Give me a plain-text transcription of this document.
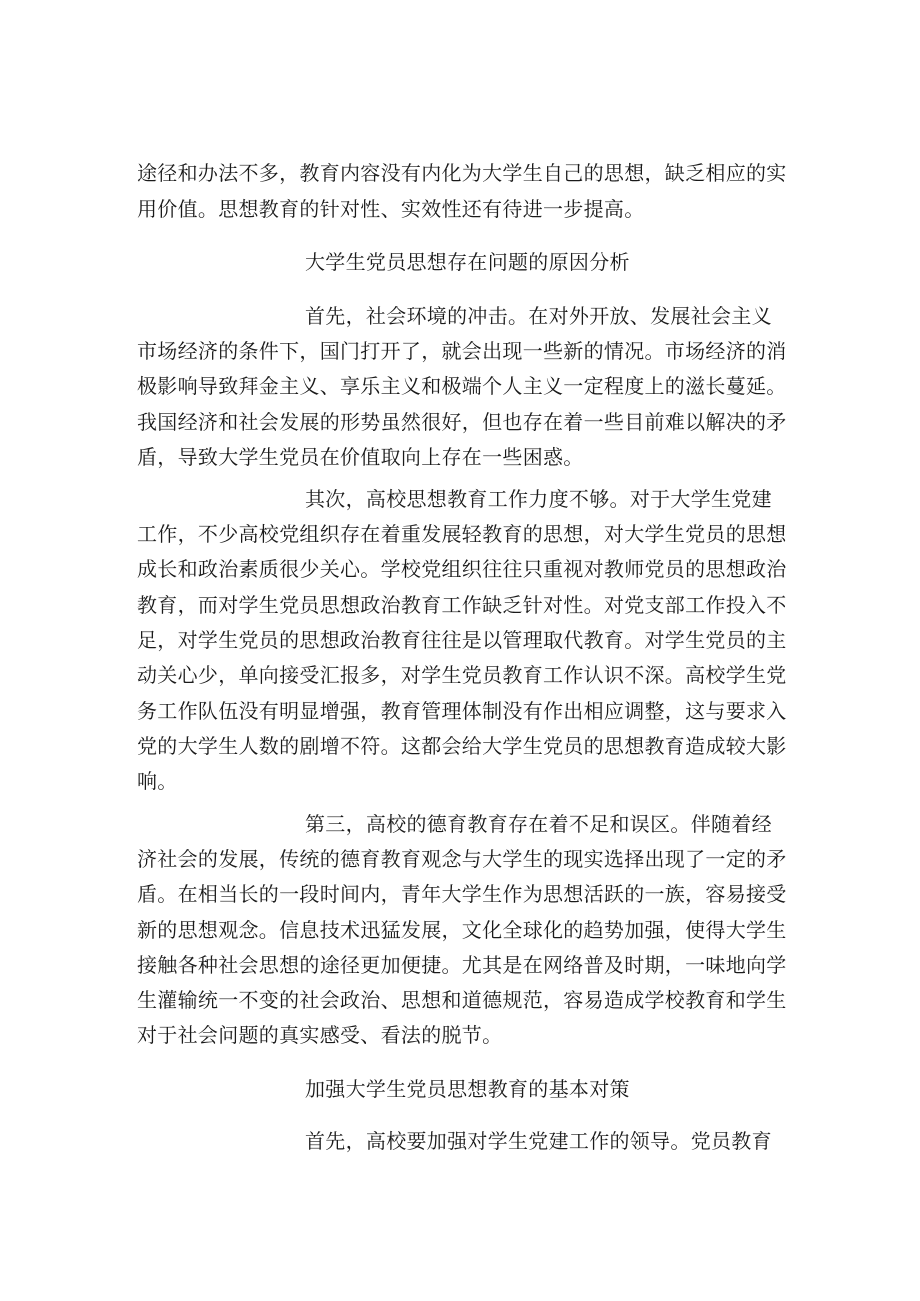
途径和办法不多，教育内容没有内化为大学生自己的思想，缺乏相应的实
用价值。思想教育的针对性、实效性还有待进一步提高。
大学生党员思想存在问题的原因分析
首先，社会环境的冲击。在对外开放、发展社会主义
市场经济的条件下，国门打开了，就会出现一些新的情况。市场经济的消
极影响导致拜金主义、享乐主义和极端个人主义一定程度上的滋长蔓延。
我国经济和社会发展的形势虽然很好，但也存在着一些目前难以解决的矛
盾，导致大学生党员在价值取向上存在一些困惑。
其次，高校思想教育工作力度不够。对于大学生党建
工作，不少高校党组织存在着重发展轻教育的思想，对大学生党员的思想
成长和政治素质很少关心。学校党组织往往只重视对教师党员的思想政治
教育，而对学生党员思想政治教育工作缺乏针对性。对党支部工作投入不
足，对学生党员的思想政治教育往往是以管理取代教育。对学生党员的主
动关心少，单向接受汇报多，对学生党员教育工作认识不深。高校学生党
务工作队伍没有明显增强，教育管理体制没有作出相应调整，这与要求入
党的大学生人数的剧增不符。这都会给大学生党员的思想教育造成较大影
响。
第三，高校的德育教育存在着不足和误区。伴随着经
济社会的发展，传统的德育教育观念与大学生的现实选择出现了一定的矛
盾。在相当长的一段时间内，青年大学生作为思想活跃的一族，容易接受
新的思想观念。信息技术迅猛发展，文化全球化的趋势加强，使得大学生
接触各种社会思想的途径更加便捷。尤其是在网络普及时期，一味地向学
生灌输统一不变的社会政治、思想和道德规范，容易造成学校教育和学生
对于社会问题的真实感受、看法的脱节。
加强大学生党员思想教育的基本对策
首先，高校要加强对学生党建工作的领导。党员教育
